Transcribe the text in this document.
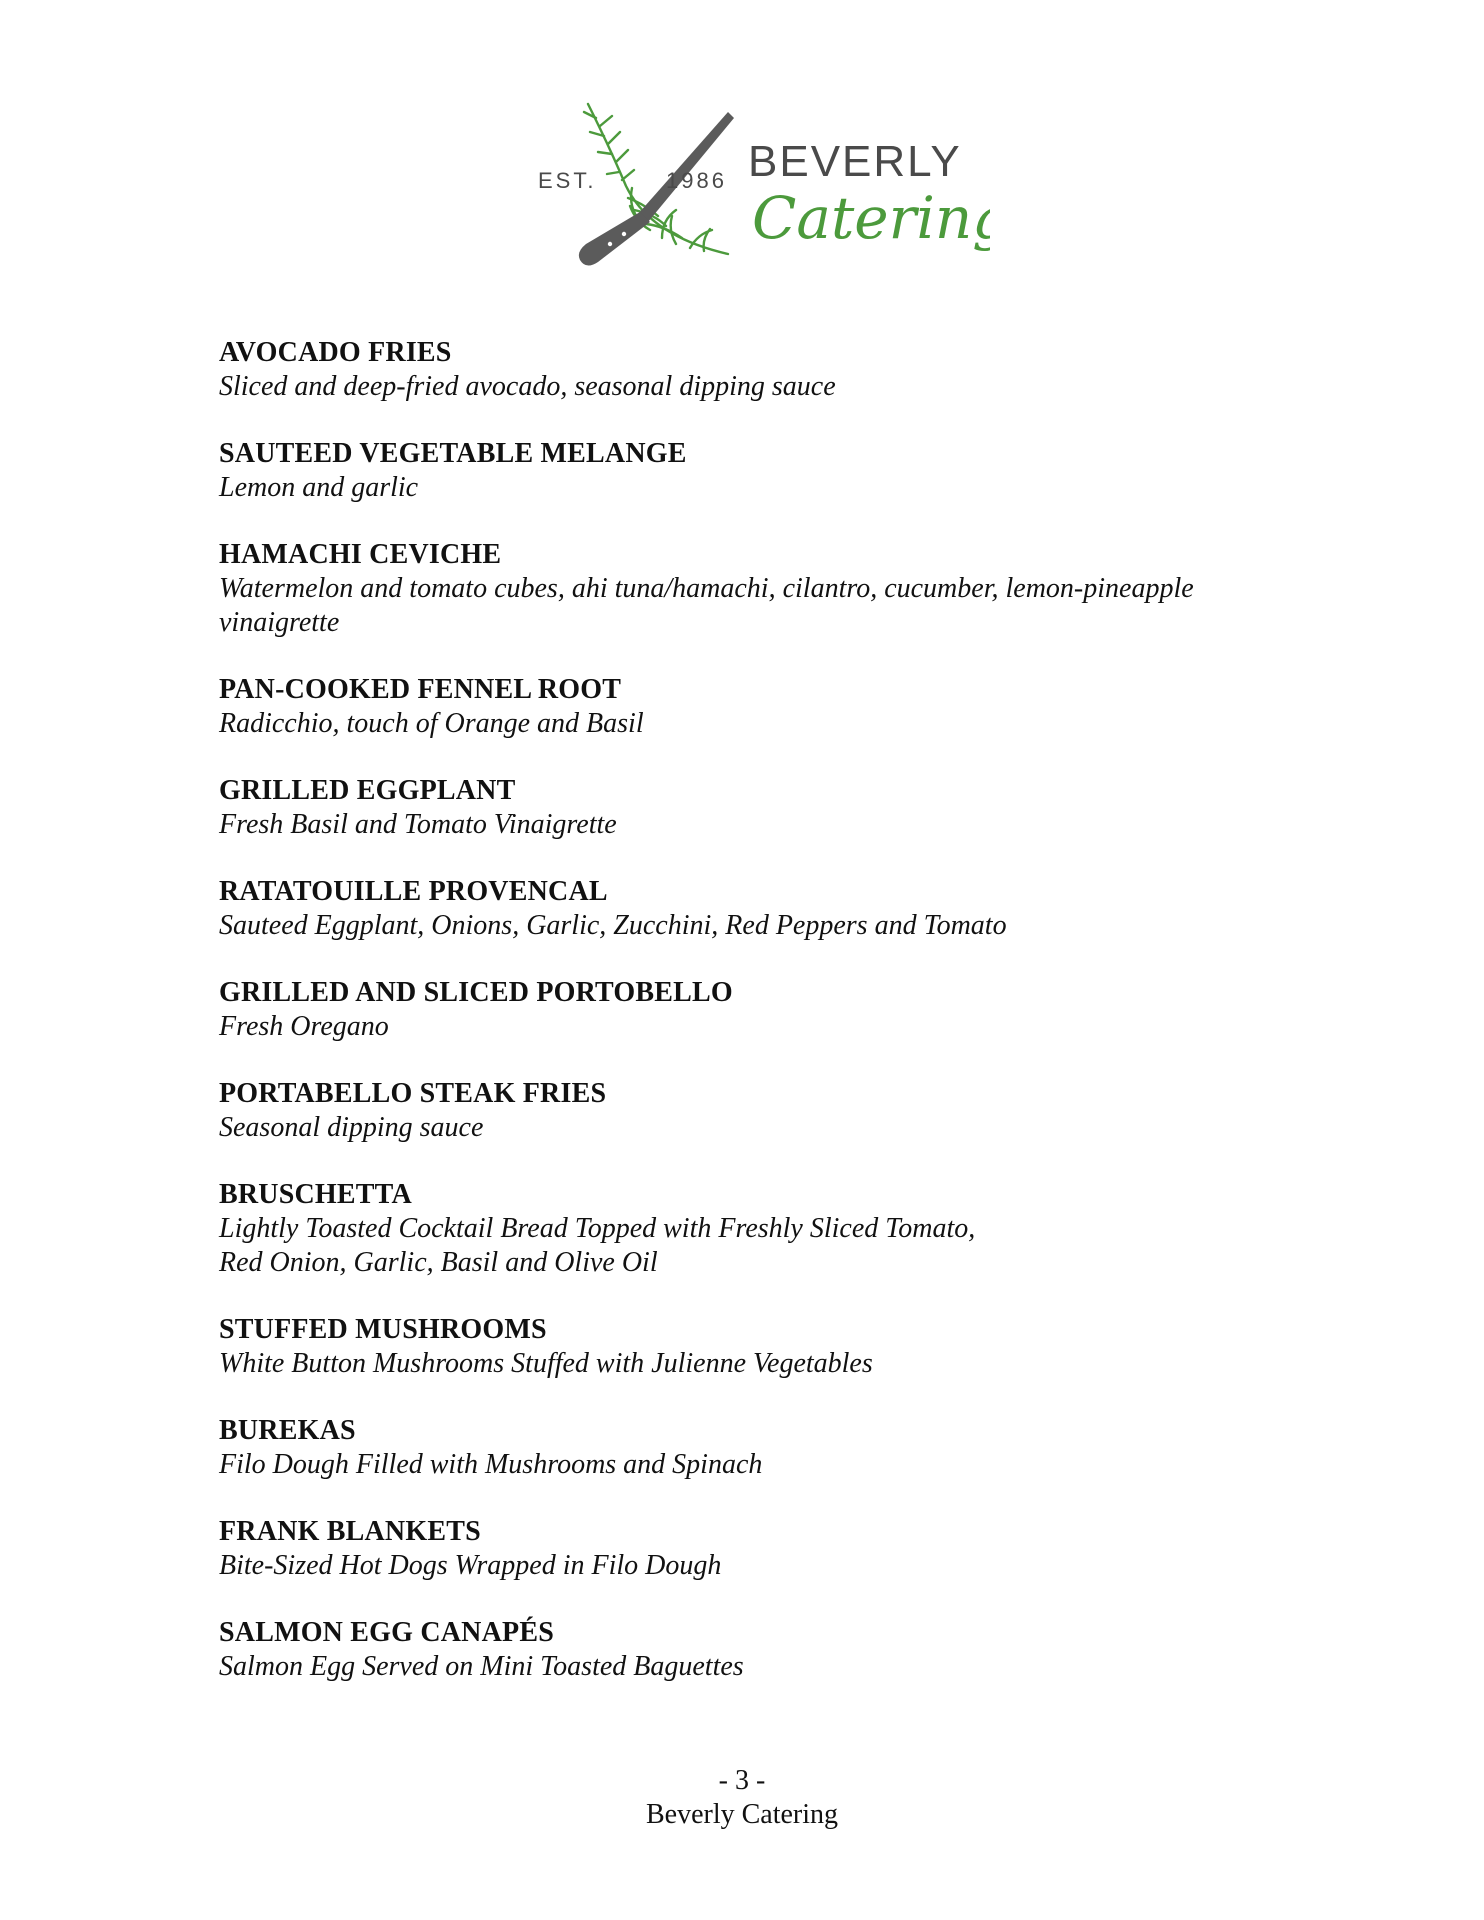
EST.	1986 BEVERLY
Catering
AVOCADO FRIES
Sliced and deep-fried avocado, seasonal dipping sauce
SAUTEED VEGETABLE MELANGE
Lemon and garlic
HAMACHI CEVICHE
Watermelon and tomato cubes, ahi tuna/hamachi, cilantro, cucumber, lemon-pineapple
vinaigrette
PAN-COOKED FENNEL ROOT
Radicchio, touch of Orange and Basil
GRILLED EGGPLANT
Fresh Basil and Tomato Vinaigrette
RATATOUILLE PROVENCAL
Sauteed Eggplant, Onions, Garlic, Zucchini, Red Peppers and Tomato
GRILLED AND SLICED PORTOBELLO
Fresh Oregano
PORTABELLO STEAK FRIES
Seasonal dipping sauce
BRUSCHETTA
Lightly Toasted Cocktail Bread Topped with Freshly Sliced Tomato,
Red Onion, Garlic, Basil and Olive Oil
STUFFED MUSHROOMS
White Button Mushrooms Stuffed with Julienne Vegetables
BUREKAS
Filo Dough Filled with Mushrooms and Spinach
FRANK BLANKETS
Bite-Sized Hot Dogs Wrapped in Filo Dough
SALMON EGG CANAPÉS
Salmon Egg Served on Mini Toasted Baguettes
- 3 -
Beverly Catering
